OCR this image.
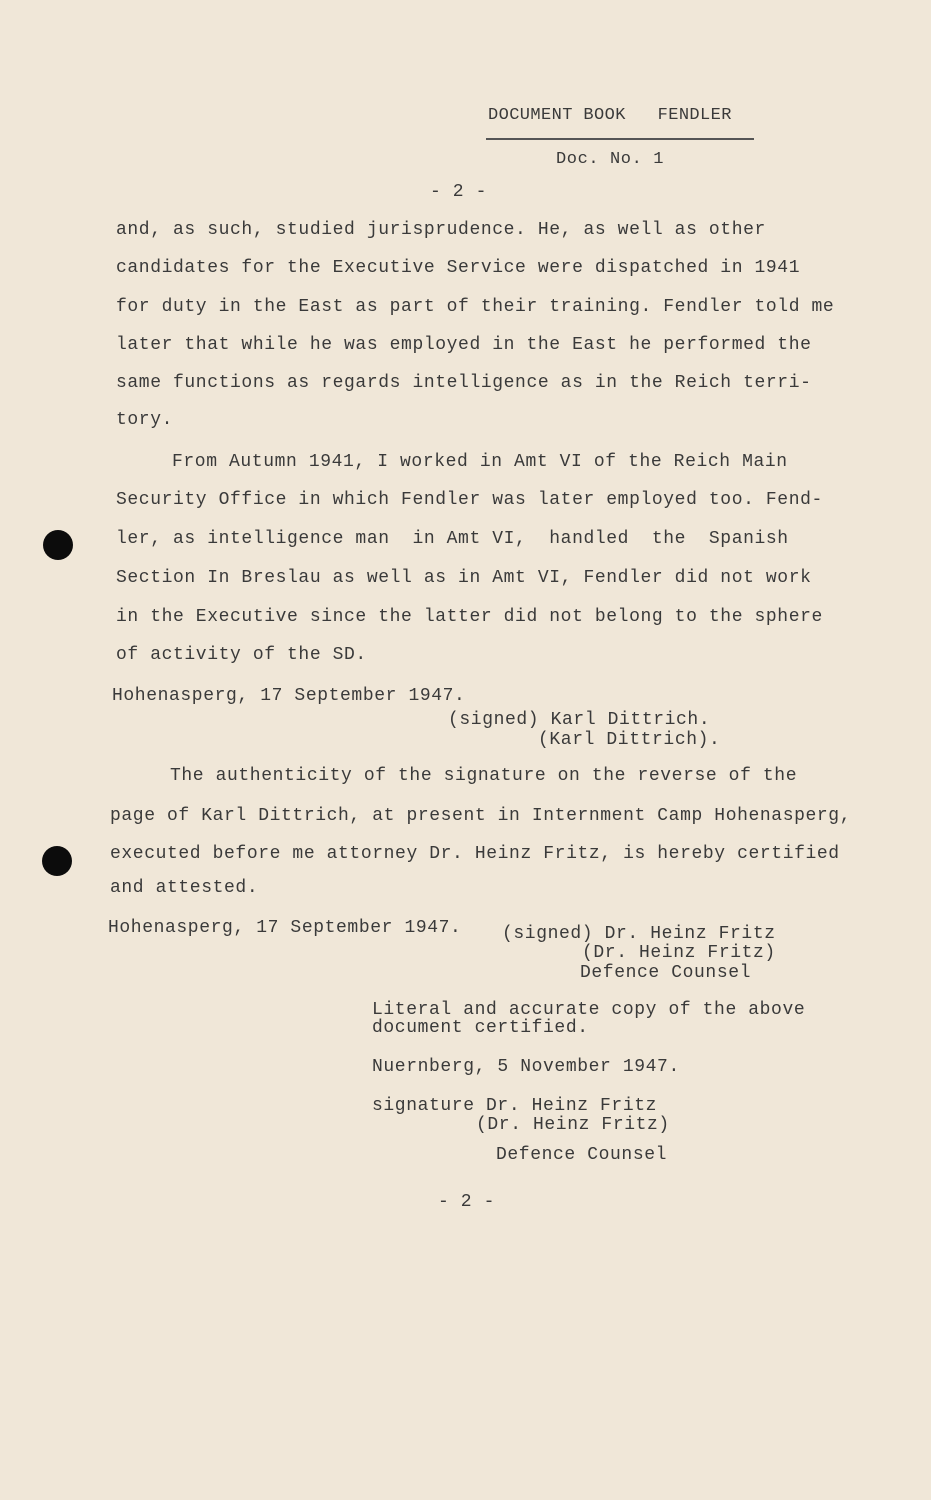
DOCUMENT BOOK   FENDLER
Doc. No. 1
- 2 -
and, as such, studied jurisprudence. He, as well as other
candidates for the Executive Service were dispatched in 1941
for duty in the East as part of their training. Fendler told me
later that while he was employed in the East he performed the
same functions as regards intelligence as in the Reich terri-
tory.
From Autumn 1941, I worked in Amt VI of the Reich Main
Security Office in which Fendler was later employed too. Fend-
ler, as intelligence man  in Amt VI,  handled  the  Spanish
Section In Breslau as well as in Amt VI, Fendler did not work
in the Executive since the latter did not belong to the sphere
of activity of the SD.
Hohenasperg, 17 September 1947.
(signed) Karl Dittrich.
(Karl Dittrich).
The authenticity of the signature on the reverse of the
page of Karl Dittrich, at present in Internment Camp Hohenasperg,
executed before me attorney Dr. Heinz Fritz, is hereby certified
and attested.
Hohenasperg, 17 September 1947. (signed) Dr. Heinz Fritz
(Dr. Heinz Fritz)
Defence Counsel
Literal and accurate copy of the above
document certified.
Nuernberg, 5 November 1947.
signature Dr. Heinz Fritz
(Dr. Heinz Fritz)
Defence Counsel
- 2 -
